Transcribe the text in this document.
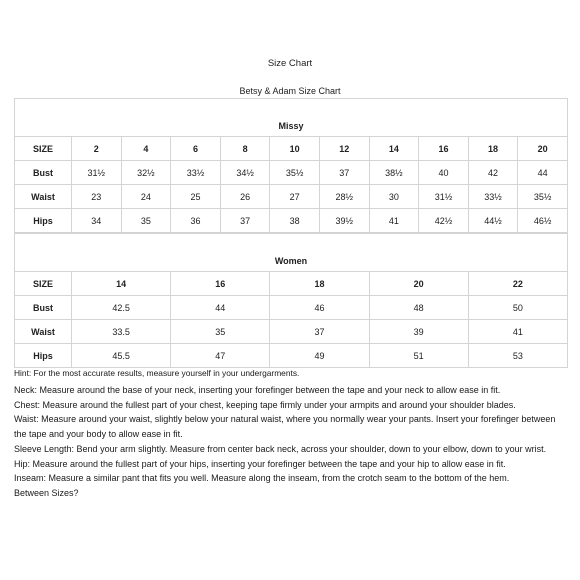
Size Chart
Betsy & Adam Size Chart
Missy										
SIZE	2	4	6	8	10	12	14	16	18	20
Bust	31½	32½	33½	34½	35½	37	38½	40	42	44
Waist	23	24	25	26	27	28½	30	31½	33½	35½
Hips	34	35	36	37	38	39½	41	42½	44½	46½
Women					
SIZE	14	16	18	20	22
Bust	42.5	44	46	48	50
Waist	33.5	35	37	39	41
Hips	45.5	47	49	51	53

Hint: For the most accurate results, measure yourself in your undergarments.

Neck: Measure around the base of your neck, inserting your forefinger between the tape and your neck to allow ease in fit.

Chest: Measure around the fullest part of your chest, keeping tape firmly under your armpits and around your shoulder blades.

Waist: Measure around your waist, slightly below your natural waist, where you normally wear your pants. Insert your forefinger between the tape and your body to allow ease in fit.

Sleeve Length: Bend your arm slightly. Measure from center back neck, across your shoulder, down to your elbow, down to your wrist.

Hip: Measure around the fullest part of your hips, inserting your forefinger between the tape and your hip to allow ease in fit.

Inseam: Measure a similar pant that fits you well. Measure along the inseam, from the crotch seam to the bottom of the hem.

Between Sizes?
